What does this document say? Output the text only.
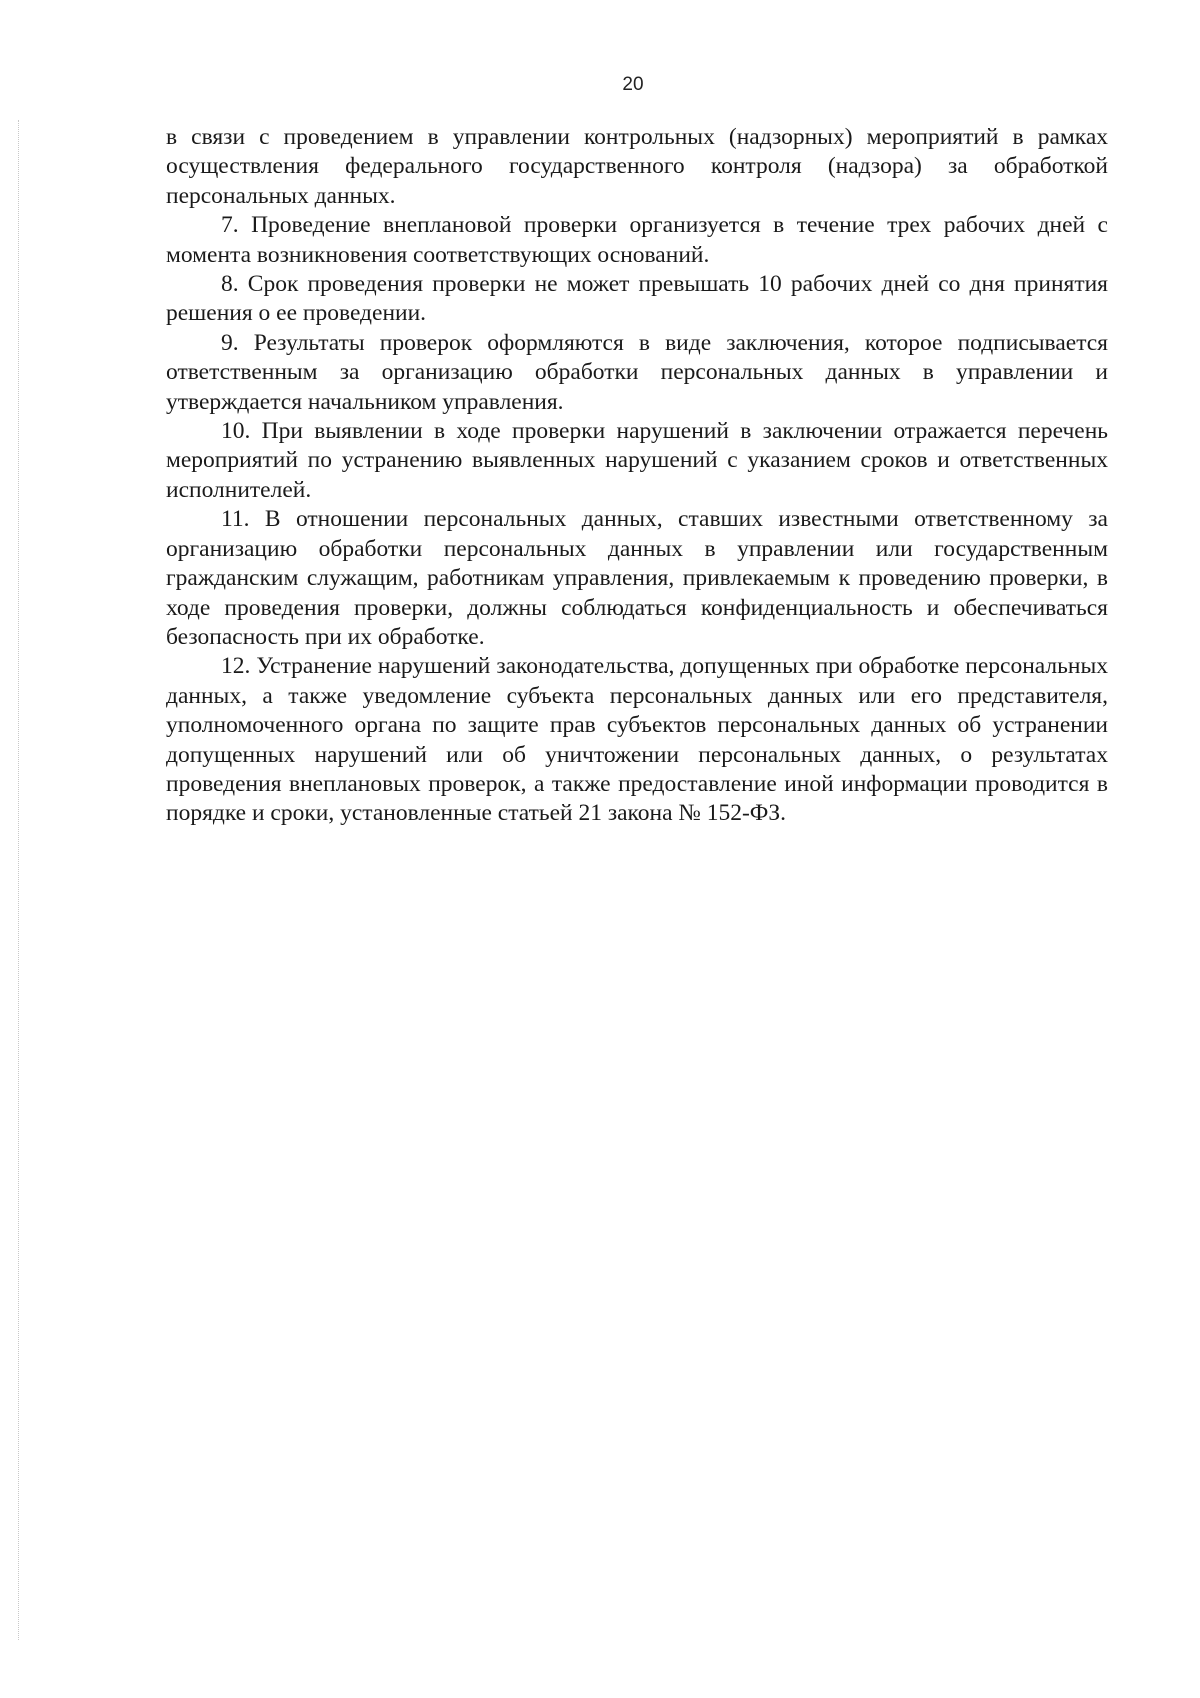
20

в связи с проведением в управлении контрольных (надзорных) мероприятий в рамках осуществления федерального государственного контроля (надзора) за обработкой персональных данных.

7. Проведение внеплановой проверки организуется в течение трех рабочих дней с момента возникновения соответствующих оснований.

8. Срок проведения проверки не может превышать 10 рабочих дней со дня принятия решения о ее проведении.

9. Результаты проверок оформляются в виде заключения, которое подписывается ответственным за организацию обработки персональных данных в управлении и утверждается начальником управления.

10. При выявлении в ходе проверки нарушений в заключении отражается перечень мероприятий по устранению выявленных нарушений с указанием сроков и ответственных исполнителей.

11. В отношении персональных данных, ставших известными ответственному за организацию обработки персональных данных в управлении или государственным гражданским служащим, работникам управления, привлекаемым к проведению проверки, в ходе проведения проверки, должны соблюдаться конфиденциальность и обеспечиваться безопасность при их обработке.

12. Устранение нарушений законодательства, допущенных при обработке персональных данных, а также уведомление субъекта персональных данных или его представителя, уполномоченного органа по защите прав субъектов персональных данных об устранении допущенных нарушений или об уничтожении персональных данных, о результатах проведения внеплановых проверок, а также предоставление иной информации проводится в порядке и сроки, установленные статьей 21 закона № 152-ФЗ.
